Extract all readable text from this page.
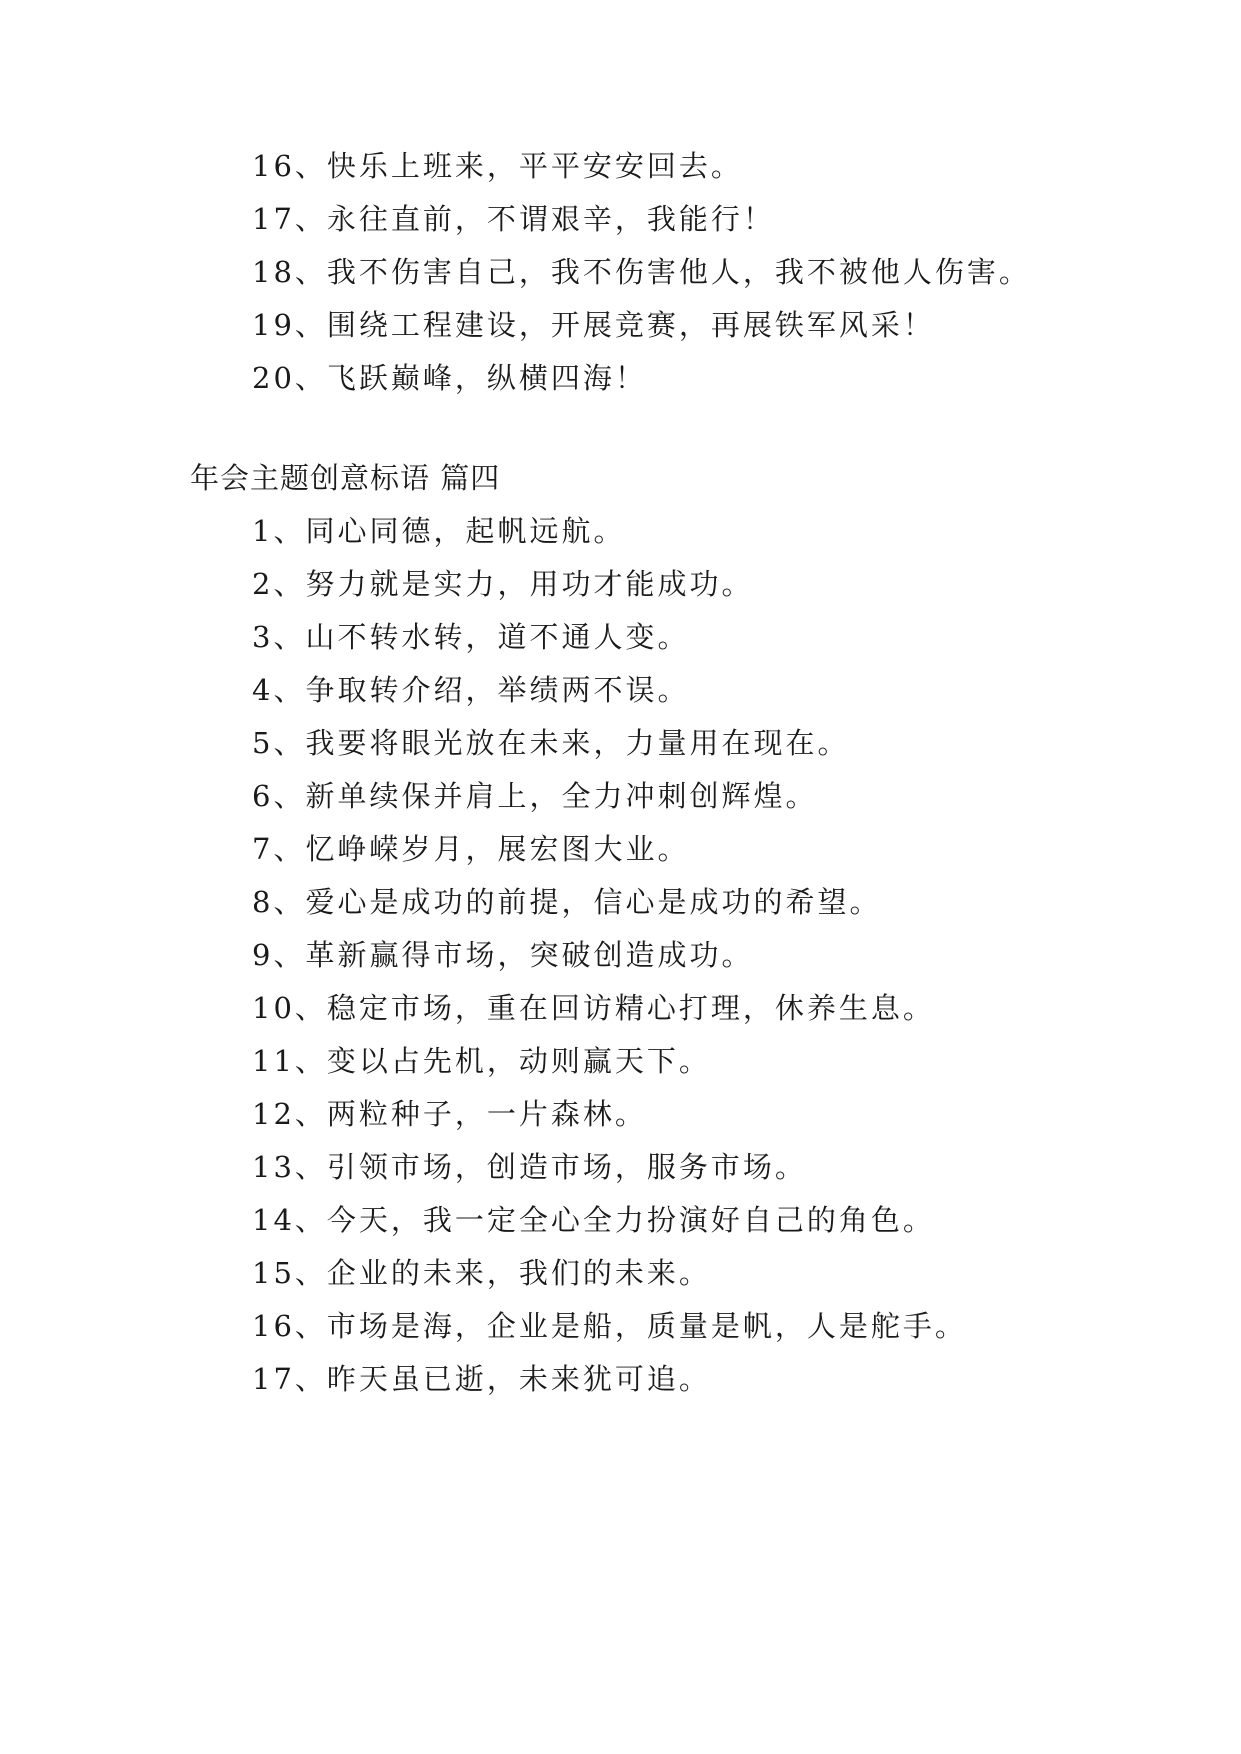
16、快乐上班来，平平安安回去。
17、永往直前，不谓艰辛，我能行！
18、我不伤害自己，我不伤害他人，我不被他人伤害。
19、围绕工程建设，开展竞赛，再展铁军风采！
20、飞跃巅峰，纵横四海！
年会主题创意标语 篇四
1、同心同德，起帆远航。
2、努力就是实力，用功才能成功。
3、山不转水转，道不通人变。
4、争取转介绍，举绩两不误。
5、我要将眼光放在未来，力量用在现在。
6、新单续保并肩上，全力冲刺创辉煌。
7、忆峥嵘岁月，展宏图大业。
8、爱心是成功的前提，信心是成功的希望。
9、革新赢得市场，突破创造成功。
10、稳定市场，重在回访精心打理，休养生息。
11、变以占先机，动则赢天下。
12、两粒种子，一片森林。
13、引领市场，创造市场，服务市场。
14、今天，我一定全心全力扮演好自己的角色。
15、企业的未来，我们的未来。
16、市场是海，企业是船，质量是帆，人是舵手。
17、昨天虽已逝，未来犹可追。
